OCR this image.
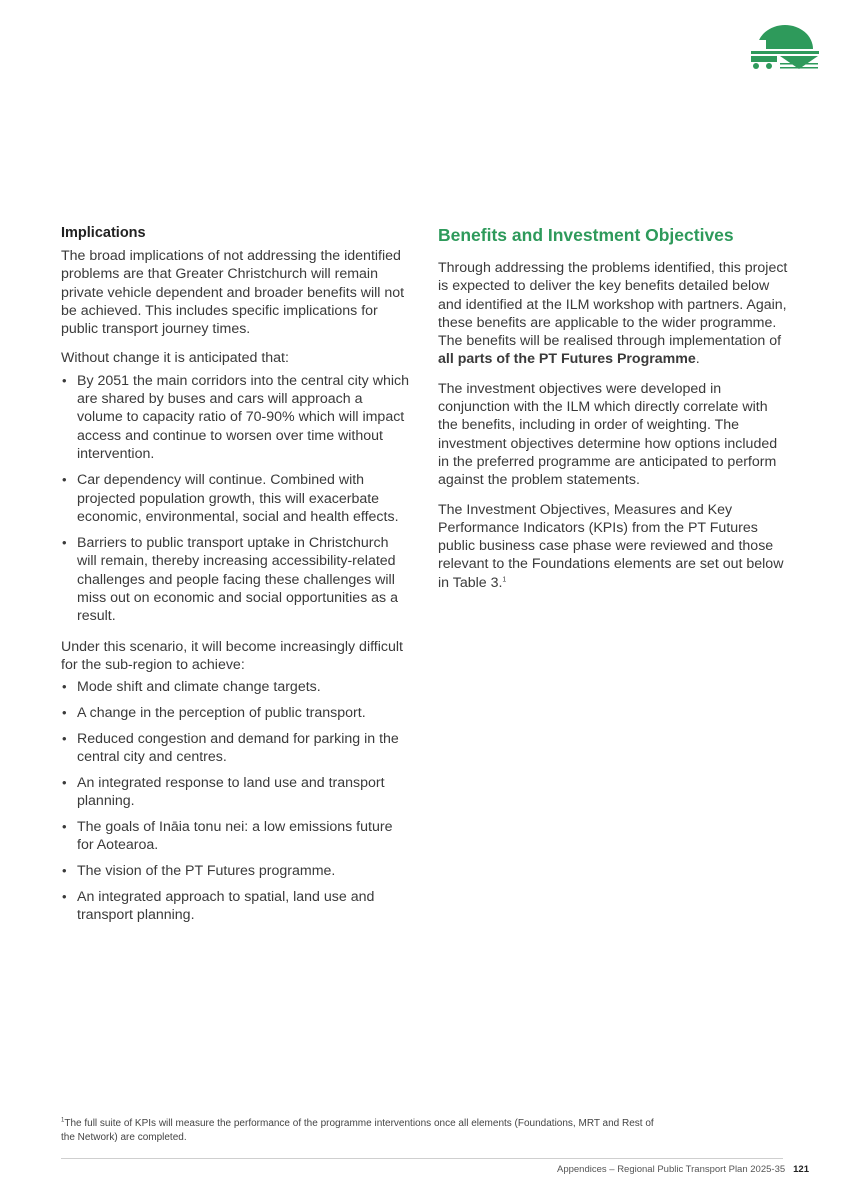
Implications

The broad implications of not addressing the identified problems are that Greater Christchurch will remain private vehicle dependent and broader benefits will not be achieved. This includes specific implications for public transport journey times.

Without change it is anticipated that:

• By 2051 the main corridors into the central city which are shared by buses and cars will approach a volume to capacity ratio of 70-90% which will impact access and continue to worsen over time without intervention.
• Car dependency will continue. Combined with projected population growth, this will exacerbate economic, environmental, social and health effects.
• Barriers to public transport uptake in Christchurch will remain, thereby increasing accessibility-related challenges and people facing these challenges will miss out on economic and social opportunities as a result.

Under this scenario, it will become increasingly difficult for the sub-region to achieve:

• Mode shift and climate change targets.
• A change in the perception of public transport.
• Reduced congestion and demand for parking in the central city and centres.
• An integrated response to land use and transport planning.
• The goals of Ināia tonu nei: a low emissions future for Aotearoa.
• The vision of the PT Futures programme.
• An integrated approach to spatial, land use and transport planning.
Benefits and Investment Objectives

Through addressing the problems identified, this project is expected to deliver the key benefits detailed below and identified at the ILM workshop with partners. Again, these benefits are applicable to the wider programme. The benefits will be realised through implementation of all parts of the PT Futures Programme.

The investment objectives were developed in conjunction with the ILM which directly correlate with the benefits, including in order of weighting. The investment objectives determine how options included in the preferred programme are anticipated to perform against the problem statements.

The Investment Objectives, Measures and Key Performance Indicators (KPIs) from the PT Futures public business case phase were reviewed and those relevant to the Foundations elements are set out below in Table 3.$^1$

$^1$The full suite of KPIs will measure the performance of the programme interventions once all elements (Foundations, MRT and Rest of the Network) are completed.
Appendices – Regional Public Transport Plan 2025-35 121
